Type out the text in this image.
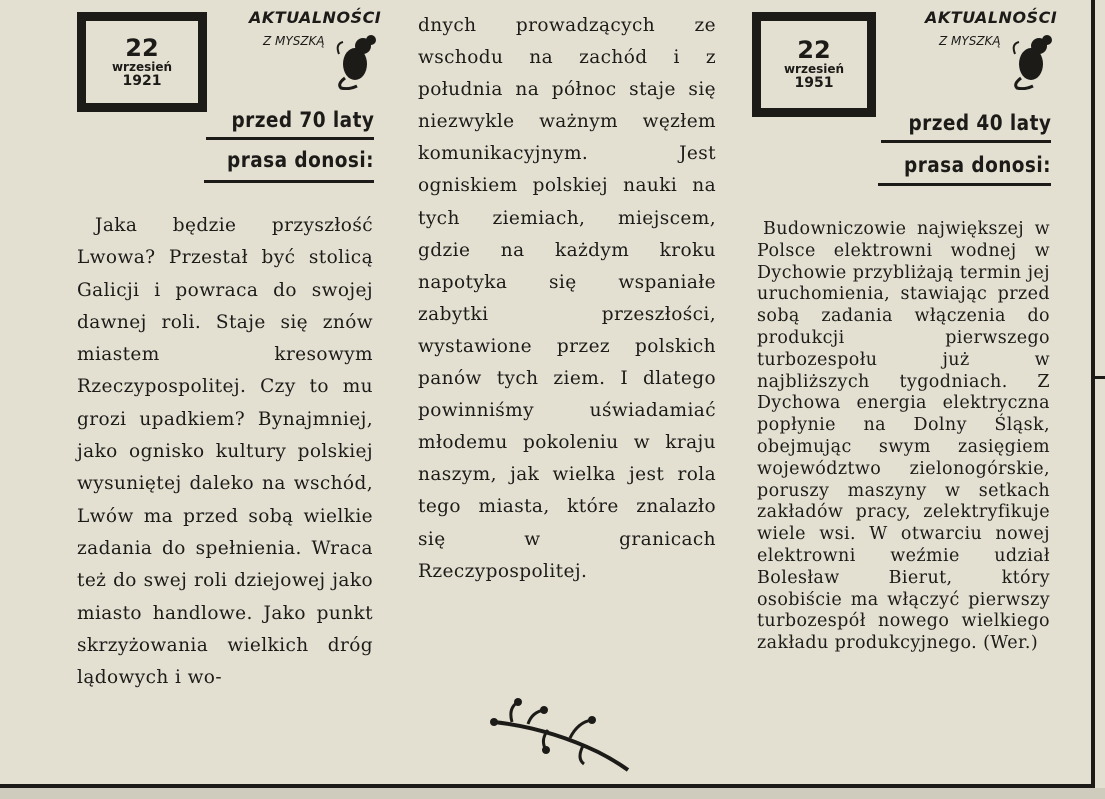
22
wrzesień
1921
AKTUALNOŚCI
Z MYSZKĄ
przed 70 laty
prasa donosi:
Jaka będzie przyszłość Lwowa? Przestał być stolicą Galicji i powraca do swojej dawnej roli. Staje się znów miastem kresowym Rzeczypospolitej. Czy to mu grozi upadkiem? Bynajmniej, jako ognisko kultury polskiej wysuniętej daleko na wschód, Lwów ma przed sobą wielkie zadania do spełnienia. Wraca też do swej roli dziejowej jako miasto handlowe. Jako punkt skrzyżowania wielkich dróg lądowych i wo-
dnych prowadzących ze wschodu na zachód i z południa na północ staje się niezwykle ważnym węzłem komunikacyjnym. Jest ogniskiem polskiej nauki na tych ziemiach, miejscem, gdzie na każdym kroku napotyka się wspaniałe zabytki przeszłości, wystawione przez polskich panów tych ziem. I dlatego powinniśmy uświadamiać młodemu pokoleniu w kraju naszym, jak wielka jest rola tego miasta, które znalazło się w granicach Rzeczypospolitej.
22
wrzesień
1951
AKTUALNOŚCI
Z MYSZKĄ
przed 40 laty
prasa donosi:
Budowniczowie największej w Polsce elektrowni wodnej w Dychowie przybliżają termin jej uruchomienia, stawiając przed sobą zadania włączenia do produkcji pierwszego turbozespołu już w najbliższych tygodniach. Z Dychowa energia elektryczna popłynie na Dolny Śląsk, obejmując swym zasięgiem województwo zielonogórskie, poruszy maszyny w setkach zakładów pracy, zelektryfikuje wiele wsi. W otwarciu nowej elektrowni weźmie udział Bolesław Bierut, który osobiście ma włączyć pierwszy turbozespół nowego wielkiego zakładu produkcyjnego. (Wer.)
